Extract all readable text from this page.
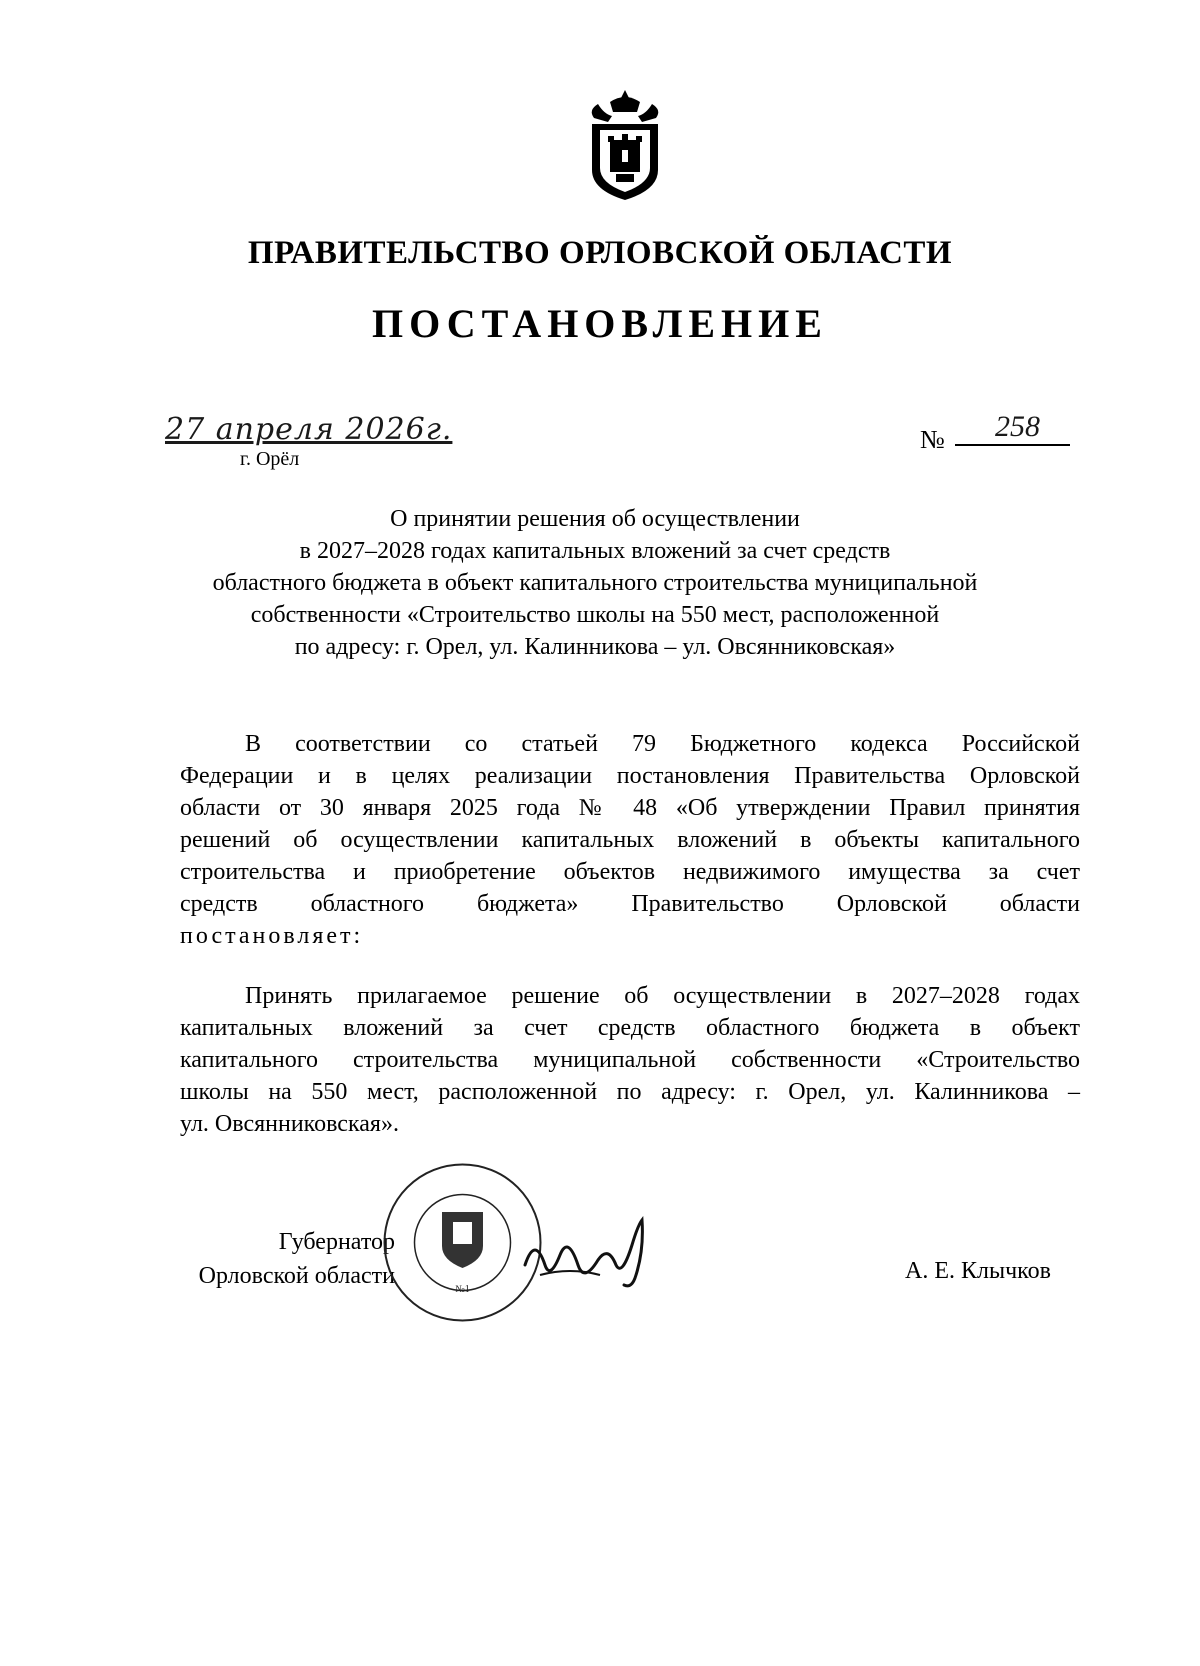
ПРАВИТЕЛЬСТВО ОРЛОВСКОЙ ОБЛАСТИ
ПОСТАНОВЛЕНИЕ
27 апреля 2026г.
г. Орёл
№	258
О принятии решения об осуществлении
в 2027–2028 годах капитальных вложений за счет средств
областного бюджета в объект капитального строительства муниципальной
собственности «Строительство школы на 550 мест, расположенной
по адресу: г. Орел, ул. Калинникова – ул. Овсянниковская»
В соответствии со статьей 79 Бюджетного кодекса Российской
Федерации и в целях реализации постановления Правительства Орловской
области от 30 января 2025 года № 48 «Об утверждении Правил принятия
решений об осуществлении капитальных вложений в объекты капитального
строительства и приобретение объектов недвижимого имущества за счет
средств областного бюджета» Правительство Орловской области
постановляет:
Принять прилагаемое решение об осуществлении в 2027–2028 годах
капитальных вложений за счет средств областного бюджета в объект
капитального строительства муниципальной собственности «Строительство
школы на 550 мест, расположенной по адресу: г. Орел, ул. Калинникова –
ул. Овсянниковская».
Губернатор
Орловской области
№1
А. Е. Клычков
